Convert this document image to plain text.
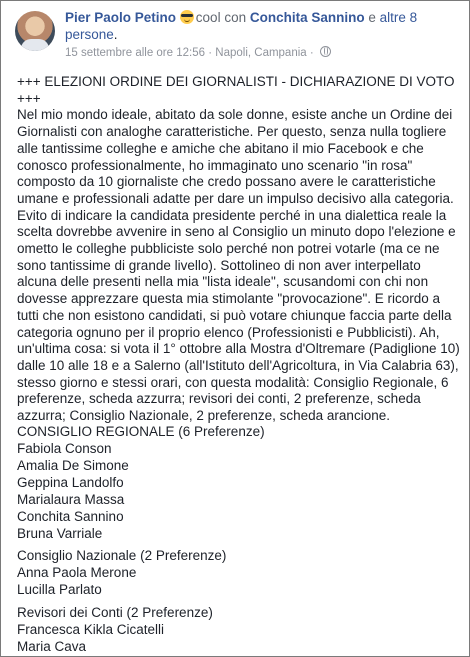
Pier Paolo Petino cool con Conchita Sannino e altre 8 persone.
15 settembre alle ore 12:56 · Napoli, Campania ·
+++ ELEZIONI ORDINE DEI GIORNALISTI - DICHIARAZIONE DI VOTO +++
Nel mio mondo ideale, abitato da sole donne, esiste anche un Ordine dei Giornalisti con analoghe caratteristiche. Per questo, senza nulla togliere alle tantissime colleghe e amiche che abitano il mio Facebook e che conosco professionalmente, ho immaginato uno scenario "in rosa" composto da 10 giornaliste che credo possano avere le caratteristiche umane e professionali adatte per dare un impulso decisivo alla categoria. Evito di indicare la candidata presidente perché in una dialettica reale la scelta dovrebbe avvenire in seno al Consiglio un minuto dopo l'elezione e ometto le colleghe pubbliciste solo perché non potrei votarle (ma ce ne sono tantissime di grande livello). Sottolineo di non aver interpellato alcuna delle presenti nella mia "lista ideale", scusandomi con chi non dovesse apprezzare questa mia stimolante "provocazione". E ricordo a tutti che non esistono candidati, si può votare chiunque faccia parte della categoria ognuno per il proprio elenco (Professionisti e Pubblicisti). Ah, un'ultima cosa: si vota il 1° ottobre alla Mostra d'Oltremare (Padiglione 10) dalle 10 alle 18 e a Salerno (all'Istituto dell'Agricoltura, in Via Calabria 63), stesso giorno e stessi orari, con questa modalità: Consiglio Regionale, 6 preferenze, scheda azzurra; revisori dei conti, 2 preferenze, scheda azzurra; Consiglio Nazionale, 2 preferenze, scheda arancione.
CONSIGLIO REGIONALE (6 Preferenze)
Fabiola Conson
Amalia De Simone
Geppina Landolfo
Marialaura Massa
Conchita Sannino
Bruna Varriale
Consiglio Nazionale (2 Preferenze)
Anna Paola Merone
Lucilla Parlato
Revisori dei Conti (2 Preferenze)
Francesca Kikla Cicatelli
Maria Cava
